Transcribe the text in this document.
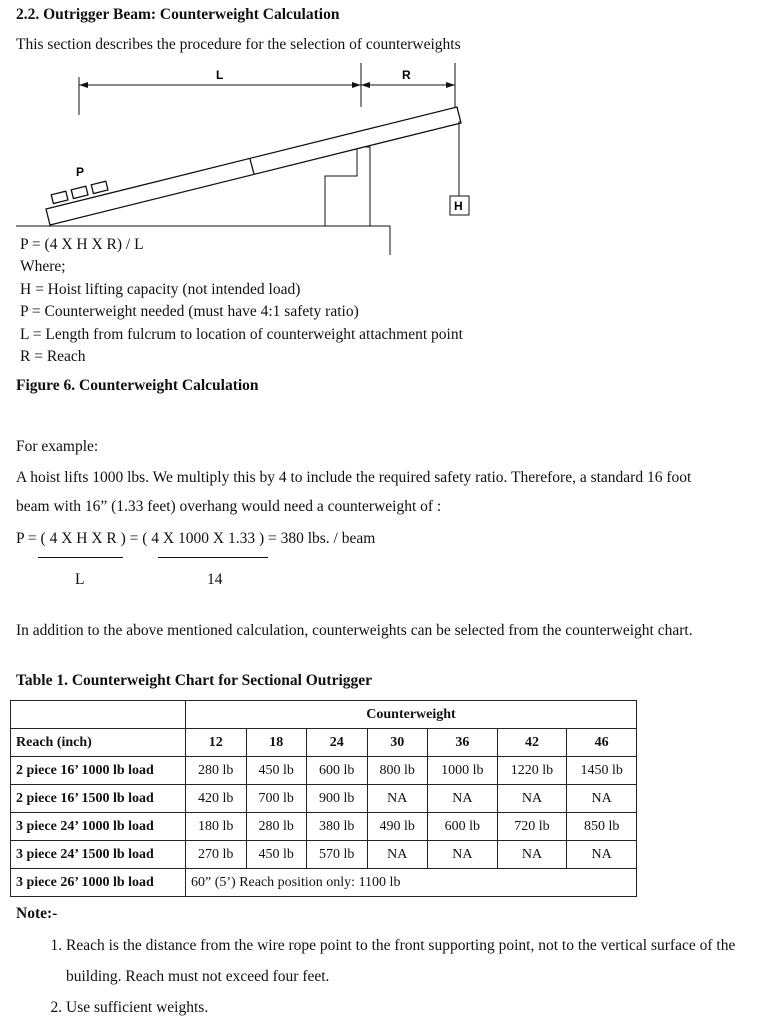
2.2. Outrigger Beam: Counterweight Calculation
This section describes the procedure for the selection of counterweights
L	R
P
H
P = (4 X H X R) / L
Where;
H = Hoist lifting capacity (not intended load)
P = Counterweight needed (must have 4:1 safety ratio)
L = Length from fulcrum to location of counterweight attachment point
R = Reach
Figure 6. Counterweight Calculation
For example:
A hoist lifts 1000 lbs. We multiply this by 4 to include the required safety ratio. Therefore, a standard 16 foot
beam with 16” (1.33 feet) overhang would need a counterweight of :
P = ( 4 X H X R ) = ( 4 X 1000 X 1.33 ) = 380 lbs. / beam
L	14
In addition to the above mentioned calculation, counterweights can be selected from the counterweight chart.
Table 1. Counterweight Chart for Sectional Outrigger
	Counterweight						
Reach (inch)	12	18	24	30	36	42	46
2 piece 16’ 1000 lb load	280 lb	450 lb	600 lb	800 lb	1000 lb	1220 lb	1450 lb
2 piece 16’ 1500 lb load	420 lb	700 lb	900 lb	NA	NA	NA	NA
3 piece 24’ 1000 lb load	180 lb	280 lb	380 lb	490 lb	600 lb	720 lb	850 lb
3 piece 24’ 1500 lb load	270 lb	450 lb	570 lb	NA	NA	NA	NA
3 piece 26’ 1000 lb load	60” (5’) Reach position only: 1100 lb						
Note:-
1. Reach is the distance from the wire rope point to the front supporting point, not to the vertical surface of the building. Reach must not exceed four feet.
2. Use sufficient weights.
